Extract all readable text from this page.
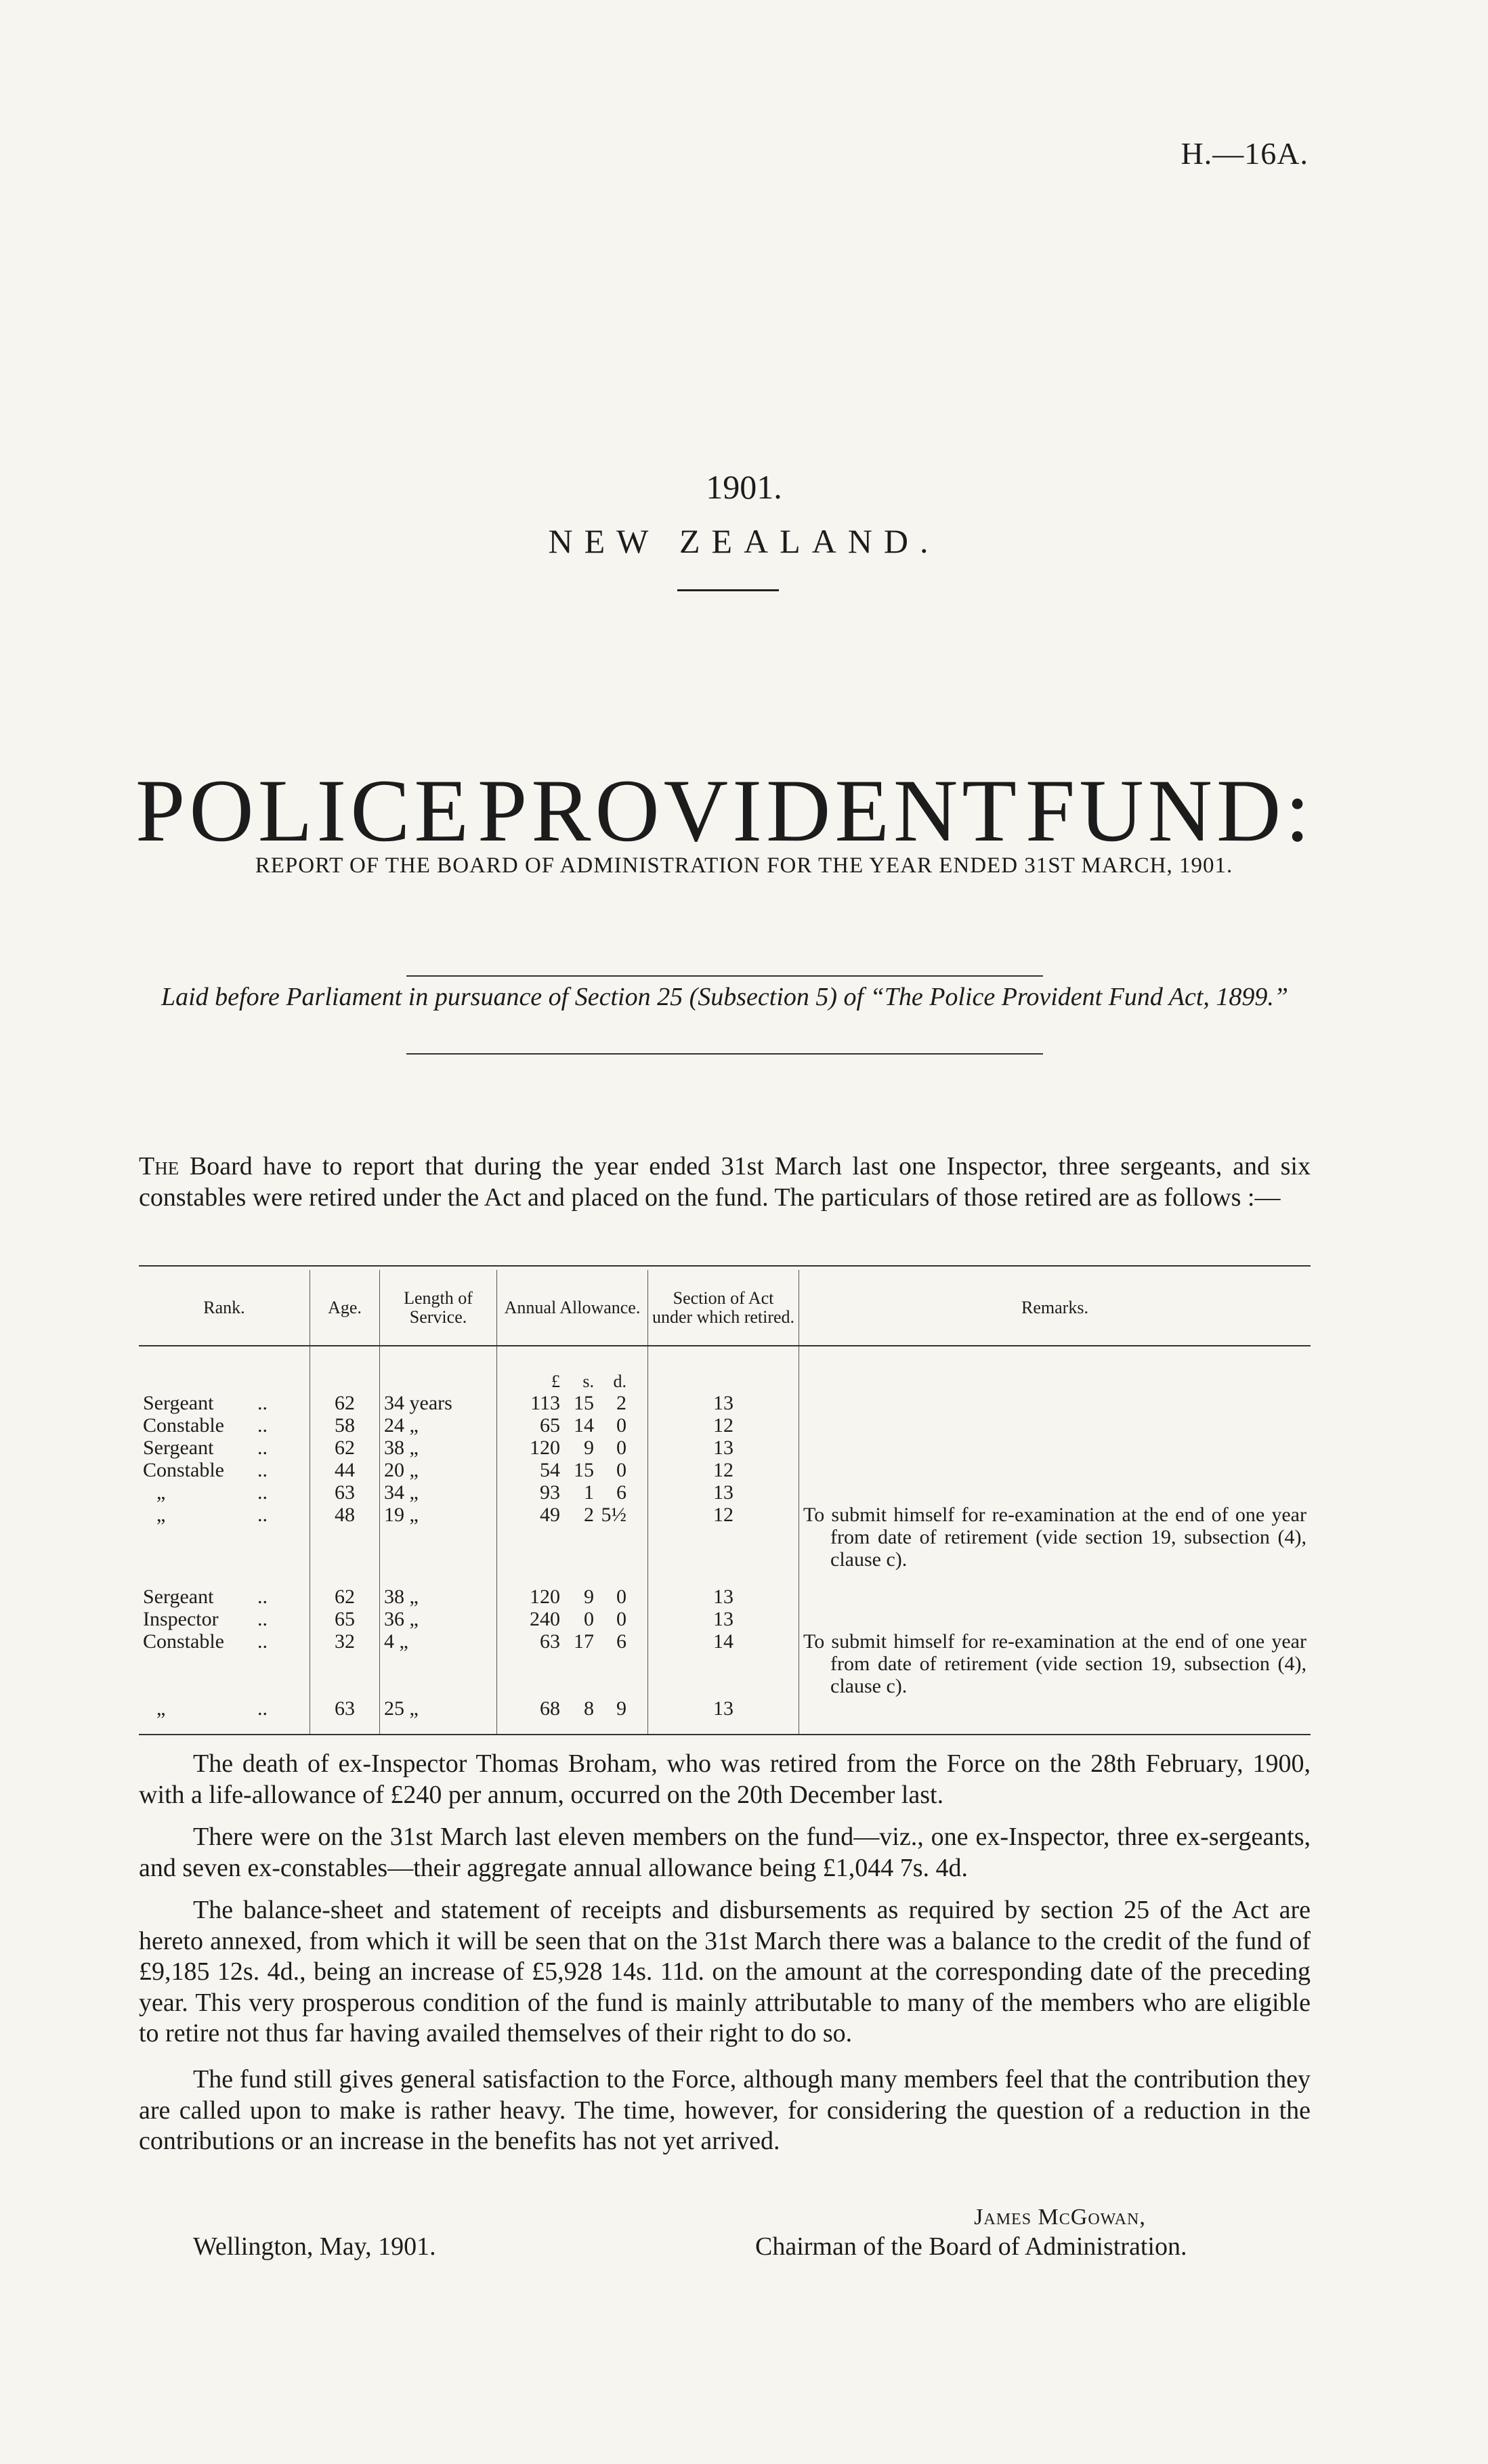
H.—16A.
1901.
NEW ZEALAND.
POLICE PROVIDENT FUND:
REPORT OF THE BOARD OF ADMINISTRATION FOR THE YEAR ENDED 31ST MARCH, 1901.
Laid before Parliament in pursuance of Section 25 (Subsection 5) of “The Police Provident Fund Act, 1899.”
The Board have to report that during the year ended 31st March last one Inspector, three sergeants, and six constables were retired under the Act and placed on the fund. The particulars of those retired are as follows :—
Rank.	Age.	Length of Service.	Annual Allowance.	Section of Act under which retired.	Remarks.

			£ s. d.		

Sergeant ..	62	34 years	113 15 2	13	
Constable ..	58	24 „	65 14 0	12	
Sergeant ..	62	38 „	120 9 0	13	
Constable ..	44	20 „	54 15 0	12	
„ ..	63	34 „	93 1 6	13	
„ ..	48	19 „	49 2 5½	12	To submit himself for re-examination at the end of one year from date of retirement (vide section 19, subsection (4), clause c).
Sergeant ..	62	38 „	120 9 0	13	
Inspector ..	65	36 „	240 0 0	13	
Constable ..	32	4 „	63 17 6	14	To submit himself for re-examination at the end of one year from date of retirement (vide section 19, subsection (4), clause c).
„ ..	63	25 „	68 8 9	13	
The death of ex-Inspector Thomas Broham, who was retired from the Force on the 28th February, 1900, with a life-allowance of £240 per annum, occurred on the 20th December last.
There were on the 31st March last eleven members on the fund—viz., one ex-Inspector, three ex-sergeants, and seven ex-constables—their aggregate annual allowance being £1,044 7s. 4d.
The balance-sheet and statement of receipts and disbursements as required by section 25 of the Act are hereto annexed, from which it will be seen that on the 31st March there was a balance to the credit of the fund of £9,185 12s. 4d., being an increase of £5,928 14s. 11d. on the amount at the corresponding date of the preceding year. This very prosperous condition of the fund is mainly attributable to many of the members who are eligible to retire not thus far having availed themselves of their right to do so.
The fund still gives general satisfaction to the Force, although many members feel that the contribution they are called upon to make is rather heavy. The time, however, for considering the question of a reduction in the contributions or an increase in the benefits has not yet arrived.
James McGowan,
Wellington, May, 1901.	Chairman of the Board of Administration.
